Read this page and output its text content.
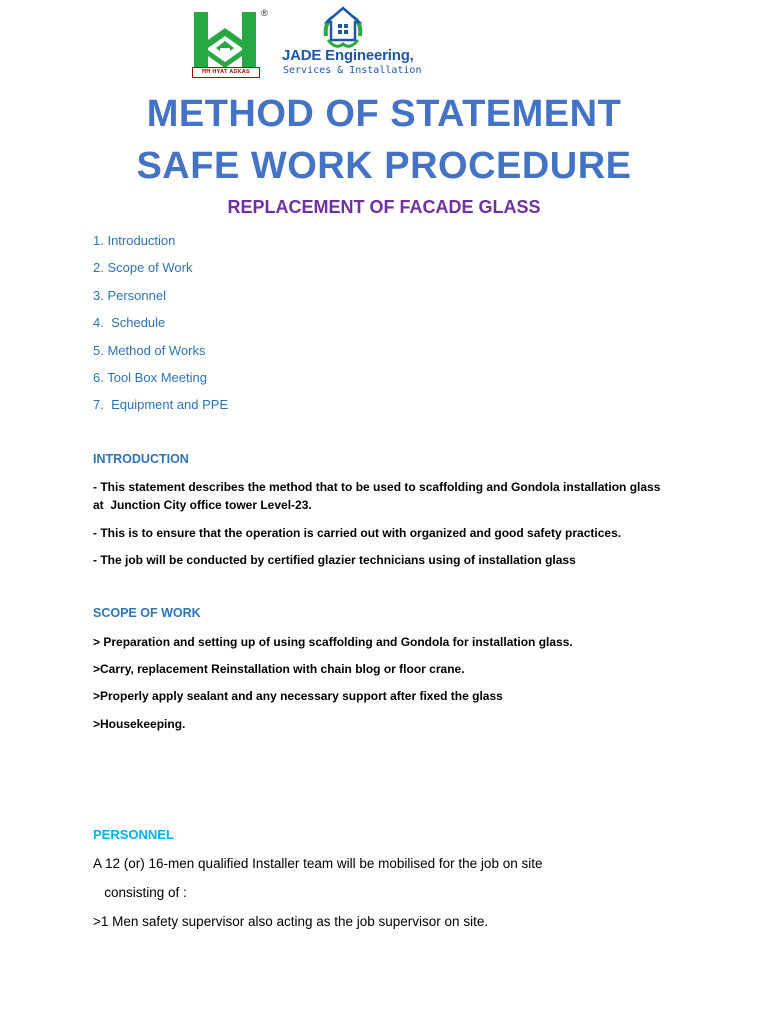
®
ĦĦ HYAT ASKAS
JADE Engineering,
Services & Installation
METHOD OF STATEMENT
SAFE WORK PROCEDURE
REPLACEMENT OF FACADE GLASS
1. Introduction
2. Scope of Work
3. Personnel
4.  Schedule
5. Method of Works
6. Tool Box Meeting
7.  Equipment and PPE
INTRODUCTION
- This statement describes the method that to be used to scaffolding and Gondola installation glass   at  Junction City office tower Level-23.
- This is to ensure that the operation is carried out with organized and good safety practices.
- The job will be conducted by certified glazier technicians using of installation glass
SCOPE OF WORK
> Preparation and setting up of using scaffolding and Gondola for installation glass.
>Carry, replacement Reinstallation with chain blog or floor crane.
>Properly apply sealant and any necessary support after fixed the glass
>Housekeeping.
PERSONNEL
A 12 (or) 16-men qualified Installer team will be mobilised for the job on site
consisting of :
>1 Men safety supervisor also acting as the job supervisor on site.
